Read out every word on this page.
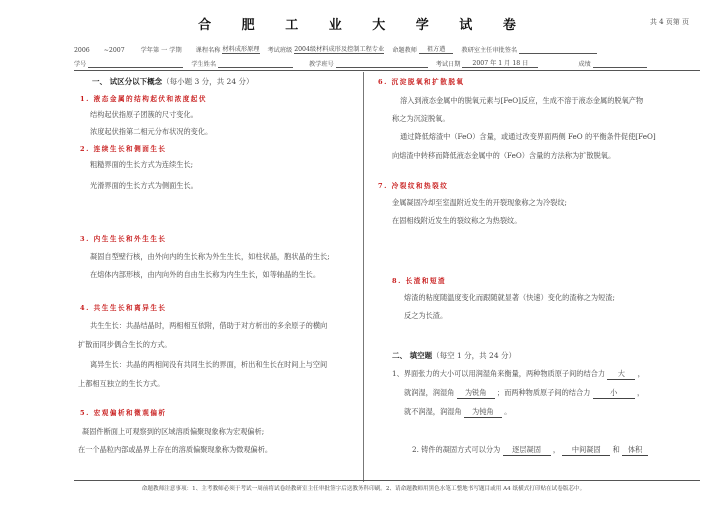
合 肥 工 业 大 学 试 卷	共 4 页第 页
2006 ~2007	学年第 一 学期 课程名称 材料成形原理 考试班级 2004级材料成形及控制工程专业 命题教师 祖方遒	教研室主任审批签名
学号	学生姓名	教学班号	考试日期 2007 年 1 月 18 日	成绩
一、 试区分以下概念（每小题 3 分，共 24 分）
1. 液态金属的结构起伏和浓度起伏
结构起伏指原子团簇的尺寸变化。
浓度起伏指第二相元分布状况的变化。
2. 连续生长和侧面生长
粗糙界面的生长方式为连续生长;
光滑界面的生长方式为侧面生长。
3. 内生生长和外生生长
凝固自型壁行核，由外向内的生长称为外生生长，如柱状晶，胞状晶的生长;
在熔体内部形核，由内向外的自由生长称为内生生长，如等轴晶的生长。
4. 共生生长和离异生长
共生生长：共晶结晶时，两相相互依附，借助于对方析出的多余原子的横向
扩散而同步偶合生长的方式。
离异生长：共晶的两相间没有共同生长的界面，析出和生长在时间上与空间
上都相互独立的生长方式。
5. 宏观偏析和微观偏析
凝固件断面上可观察到的区域溶质偏聚现象称为宏观偏析;
在一个晶粒内部或晶界上存在的溶质偏聚现象称为微观偏析。
6. 沉淀脱氧和扩散脱氧
溶入到液态金属中的脱氧元素与[FeO]反应，生成不溶于液态金属的脱氧产物
称之为沉淀脱氧。
通过降低熔渣中（FeO）含量，或通过改变界面两侧 FeO 的平衡条件促使[FeO]
向熔渣中转移而降低液态金属中的（FeO）含量的方法称为扩散脱氧。
7. 冷裂纹和热裂纹
金属凝固冷却至室温附近发生的开裂现象称之为冷裂纹;
在固相线附近发生的裂纹称之为热裂纹。
8. 长渣和短渣
熔渣的粘度随温度变化而跟随就显著（快速）变化的渣称之为短渣;
反之为长渣。
二、 填空题（每空 1 分，共 24 分）
1、界面张力的大小可以用润湿角来衡量，两种物质原子间的结合力 大 ，
就润湿，润湿角 为锐角 ；而两种物质原子间的结合力	小	，
就不润湿，润湿角 为钝角 。
2. 铸件的凝固方式可以分为 逐层凝固 ， 中间凝固 和 体积
命题教师注意事项：1、主考教师必须于考试一周前将试卷经教研室主任审批签字后送教务科印刷。2、请命题教师用黑色水笔工整地书写题目或用 A4 纸横式打印贴在试卷版芯中。
